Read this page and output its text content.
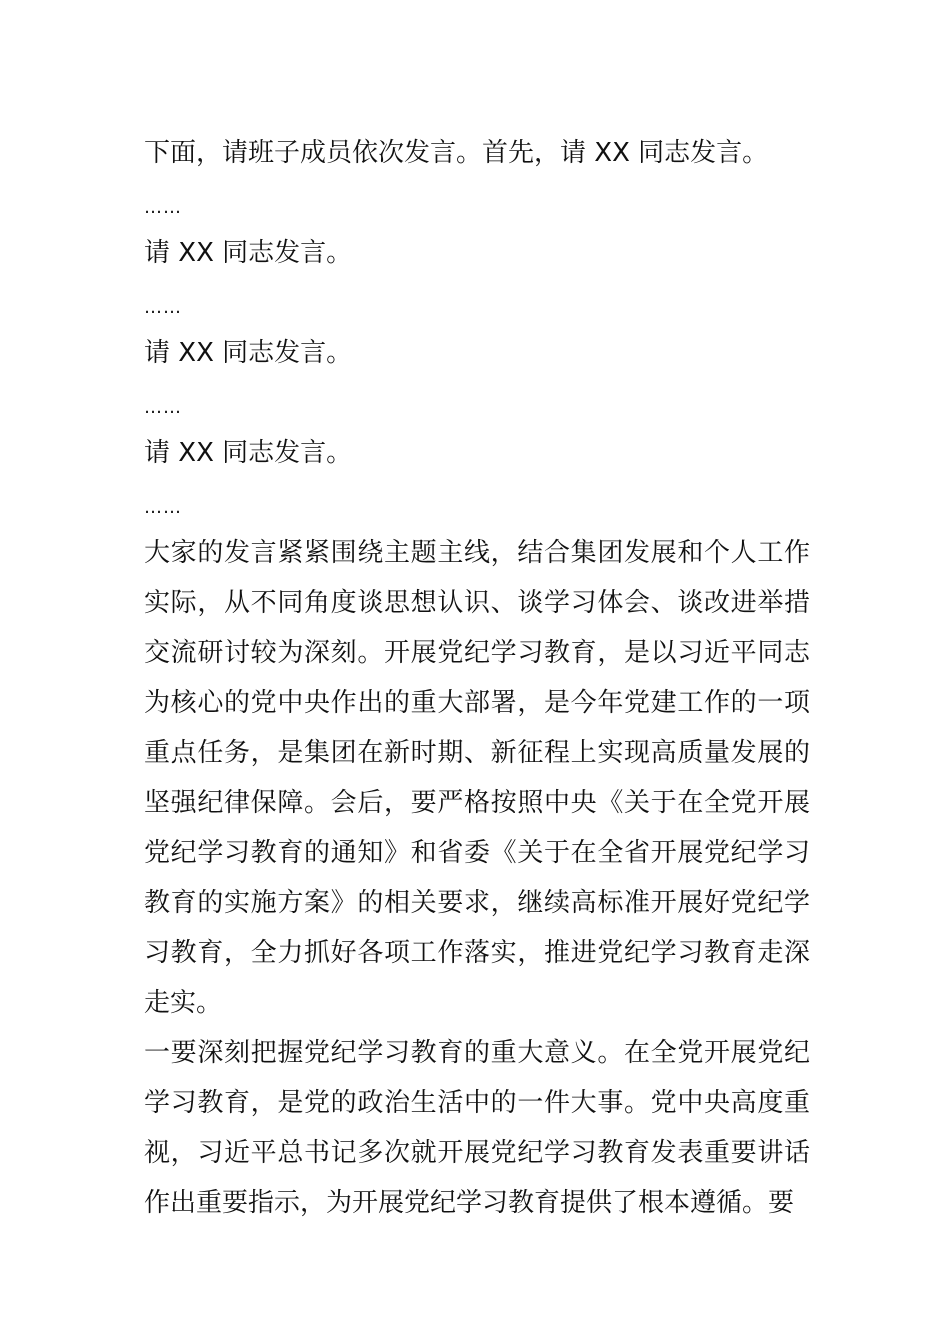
下面，请班子成员依次发言。首先，请 XX 同志发言。
……
请 XX 同志发言。
……
请 XX 同志发言。
……
请 XX 同志发言。
……

大家的发言紧紧围绕主题主线，结合集团发展和个人工作实际，从不同角度谈思想认识、谈学习体会、谈改进举措交流研讨较为深刻。开展党纪学习教育，是以习近平同志为核心的党中央作出的重大部署，是今年党建工作的一项重点任务，是集团在新时期、新征程上实现高质量发展的坚强纪律保障。会后，要严格按照中央《关于在全党开展党纪学习教育的通知》和省委《关于在全省开展党纪学习教育的实施方案》的相关要求，继续高标准开展好党纪学习教育，全力抓好各项工作落实，推进党纪学习教育走深走实。

一要深刻把握党纪学习教育的重大意义。在全党开展党纪学习教育，是党的政治生活中的一件大事。党中央高度重视，习近平总书记多次就开展党纪学习教育发表重要讲话作出重要指示，为开展党纪学习教育提供了根本遵循。要
